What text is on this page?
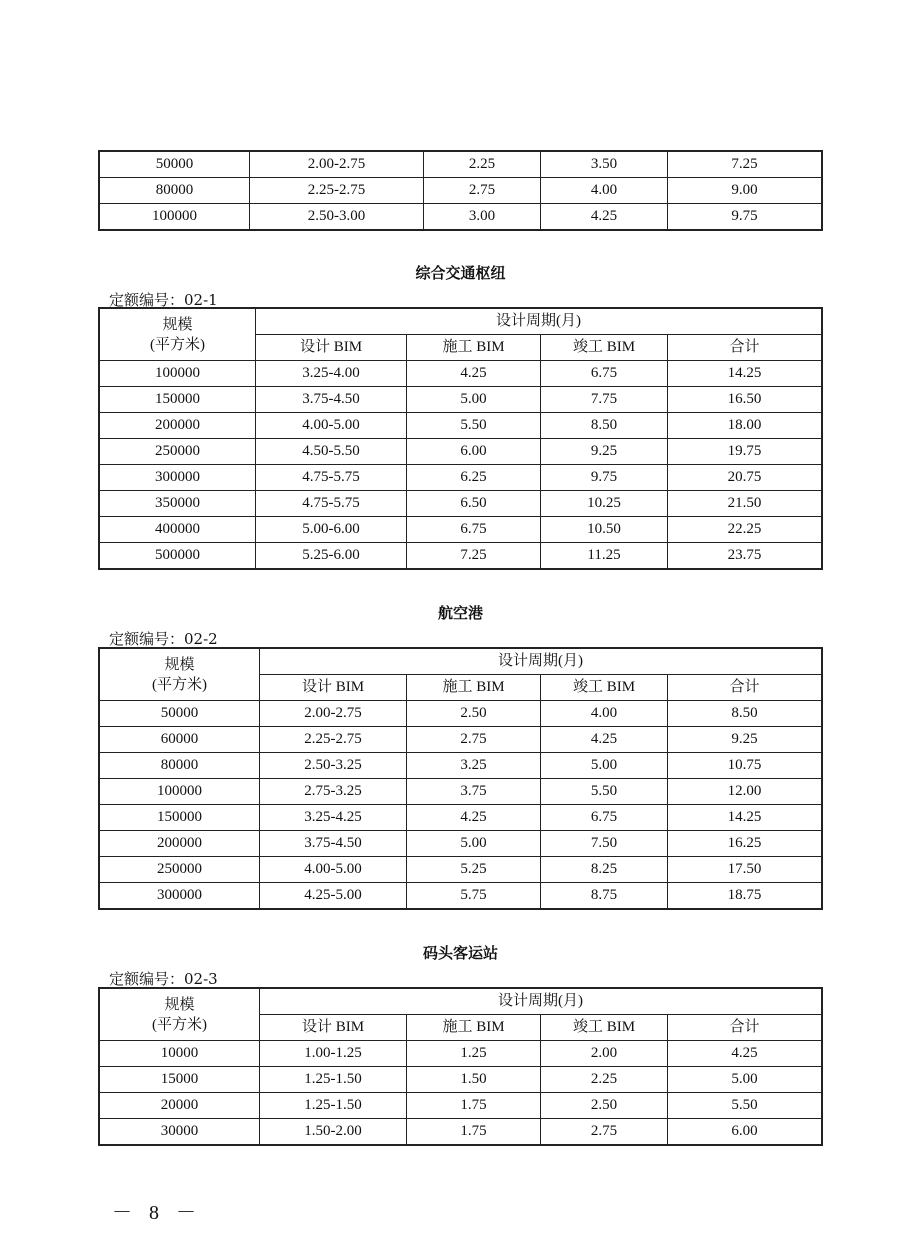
50000	2.00-2.75	2.25	3.50	7.25
80000	2.25-2.75	2.75	4.00	9.00
100000	2.50-3.00	3.00	4.25	9.75
综合交通枢纽
定额编号：02-1
规模
(平方米)	设计周期(月)			
	设计 BIM	施工 BIM	竣工 BIM	合计
100000	3.25-4.00	4.25	6.75	14.25
150000	3.75-4.50	5.00	7.75	16.50
200000	4.00-5.00	5.50	8.50	18.00
250000	4.50-5.50	6.00	9.25	19.75
300000	4.75-5.75	6.25	9.75	20.75
350000	4.75-5.75	6.50	10.25	21.50
400000	5.00-6.00	6.75	10.50	22.25
500000	5.25-6.00	7.25	11.25	23.75
航空港
定额编号：02-2
规模
(平方米)	设计周期(月)			
	设计 BIM	施工 BIM	竣工 BIM	合计
50000	2.00-2.75	2.50	4.00	8.50
60000	2.25-2.75	2.75	4.25	9.25
80000	2.50-3.25	3.25	5.00	10.75
100000	2.75-3.25	3.75	5.50	12.00
150000	3.25-4.25	4.25	6.75	14.25
200000	3.75-4.50	5.00	7.50	16.25
250000	4.00-5.00	5.25	8.25	17.50
300000	4.25-5.00	5.75	8.75	18.75
码头客运站
定额编号：02-3
规模
(平方米)	设计周期(月)			
	设计 BIM	施工 BIM	竣工 BIM	合计
10000	1.00-1.25	1.25	2.00	4.25
15000	1.25-1.50	1.50	2.25	5.00
20000	1.25-1.50	1.75	2.50	5.50
30000	1.50-2.00	1.75	2.75	6.00
－ 8 －
